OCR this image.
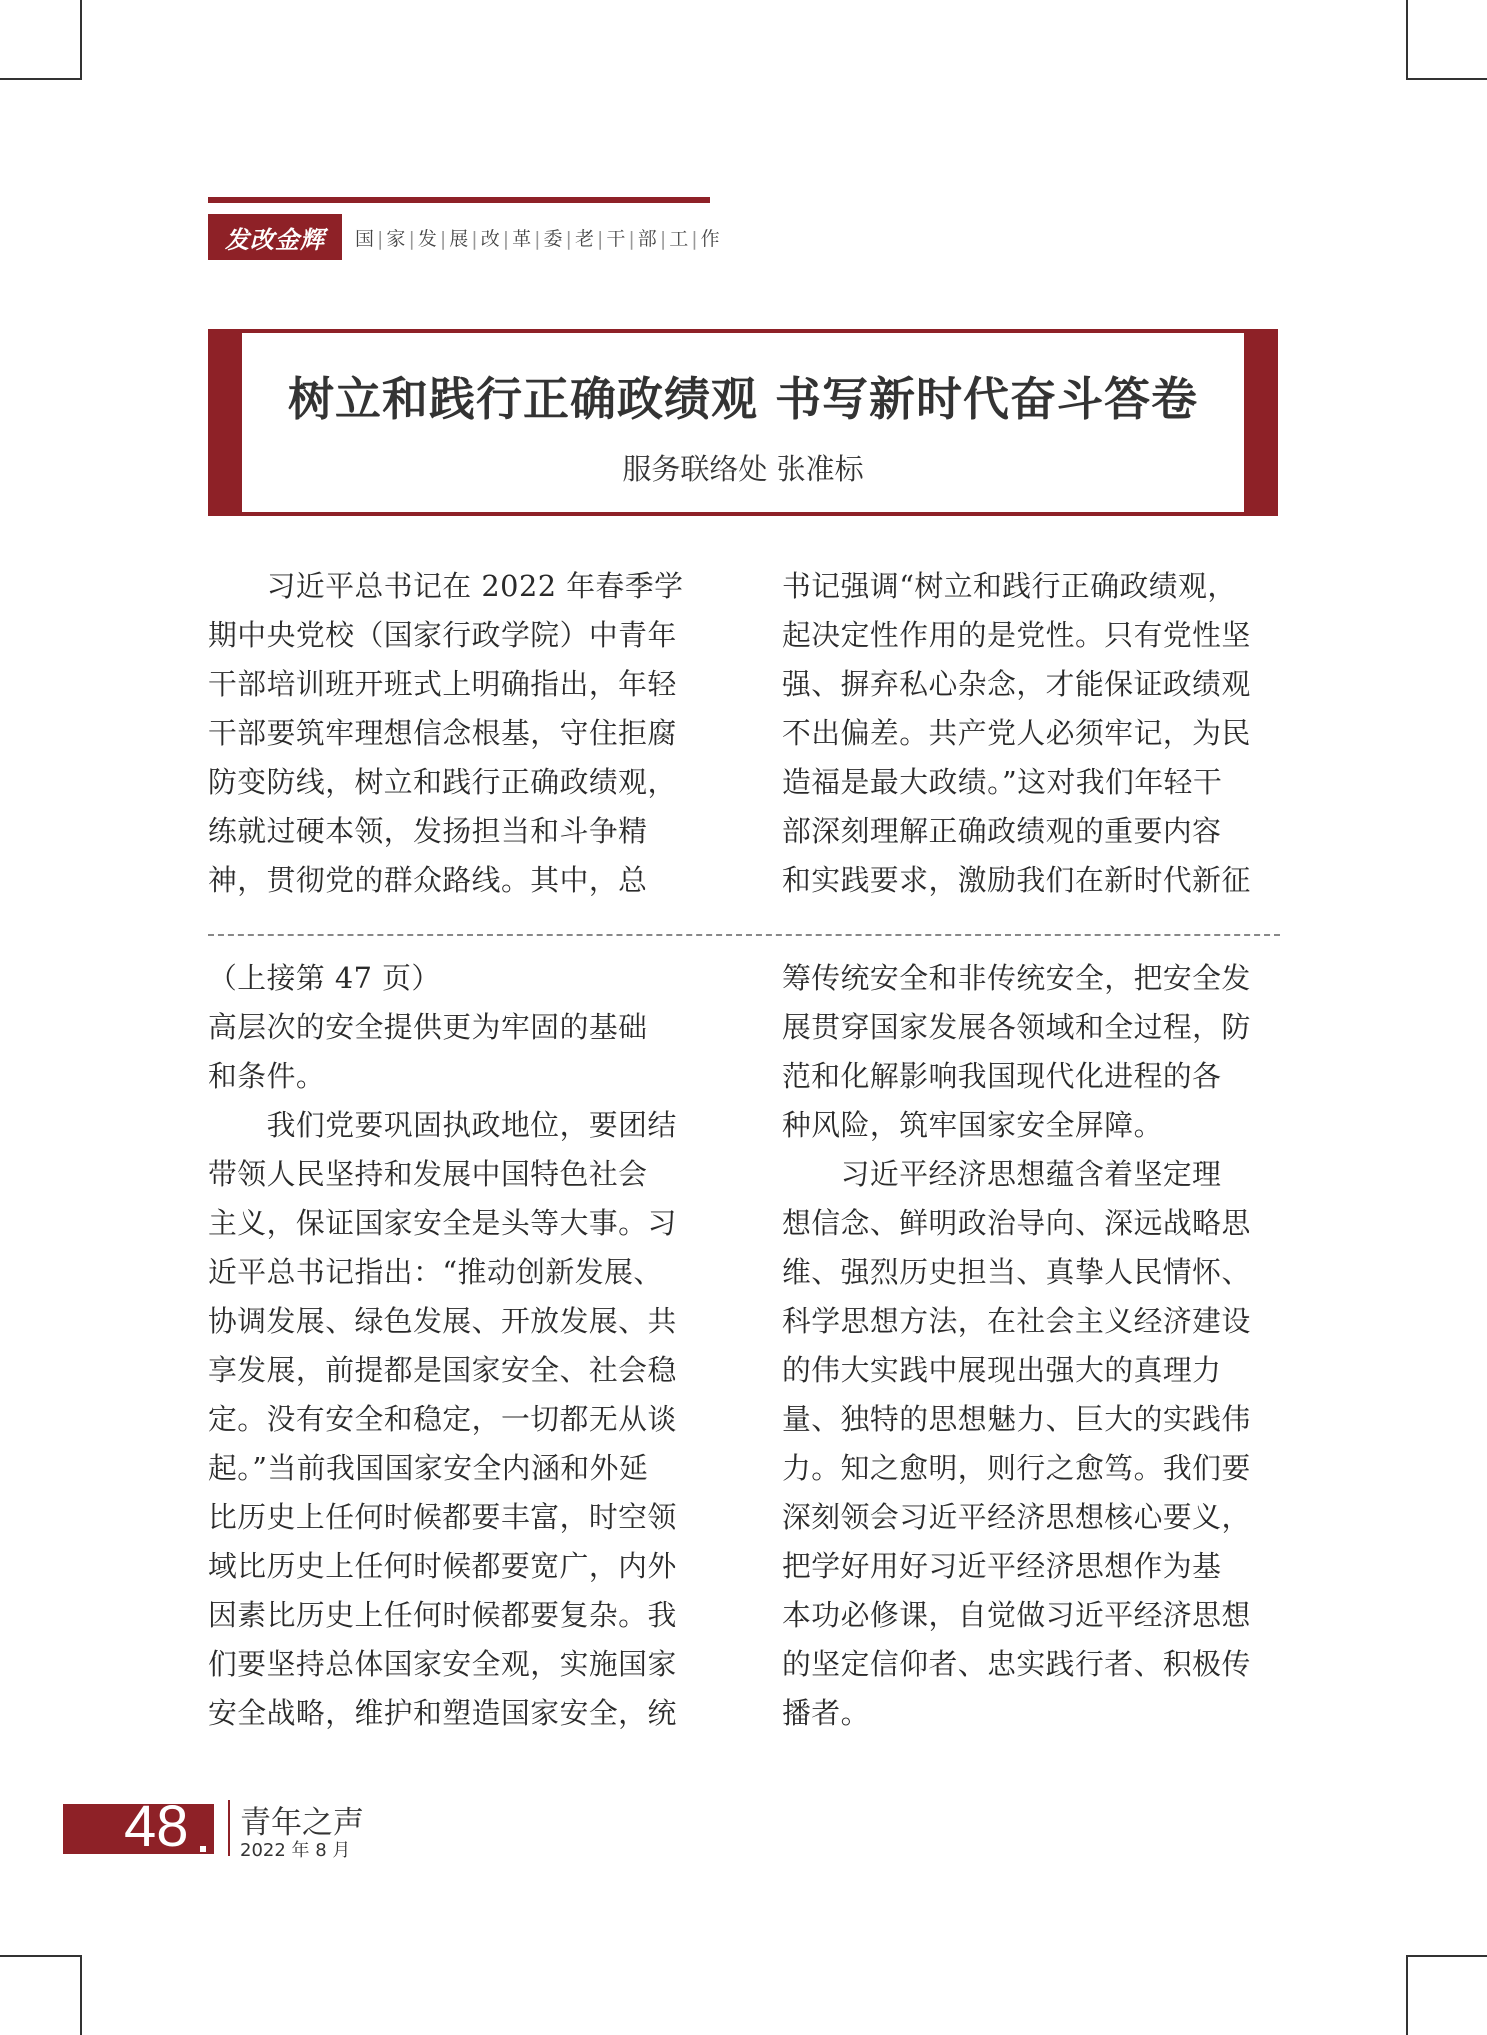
发改金辉	国 | 家 | 发 | 展 | 改 | 革 | 委 | 老 | 干 | 部 | 工 | 作
树立和践行正确政绩观 书写新时代奋斗答卷
服务联络处 张准标

　　习近平总书记在 2022 年春季学

期中央党校（国家行政学院）中青年

干部培训班开班式上明确指出，年轻

干部要筑牢理想信念根基，守住拒腐

防变防线，树立和践行正确政绩观，

练就过硬本领，发扬担当和斗争精

神，贯彻党的群众路线。其中，总

书记强调“树立和践行正确政绩观，

起决定性作用的是党性。只有党性坚

强、摒弃私心杂念，才能保证政绩观

不出偏差。共产党人必须牢记，为民

造福是最大政绩。”这对我们年轻干

部深刻理解正确政绩观的重要内容

和实践要求，激励我们在新时代新征

（上接第 47 页）

高层次的安全提供更为牢固的基础

和条件。

　　我们党要巩固执政地位，要团结

带领人民坚持和发展中国特色社会

主义，保证国家安全是头等大事。习

近平总书记指出：“推动创新发展、

协调发展、绿色发展、开放发展、共

享发展，前提都是国家安全、社会稳

定。没有安全和稳定，一切都无从谈

起。”当前我国国家安全内涵和外延

比历史上任何时候都要丰富，时空领

域比历史上任何时候都要宽广，内外

因素比历史上任何时候都要复杂。我

们要坚持总体国家安全观，实施国家

安全战略，维护和塑造国家安全，统

筹传统安全和非传统安全，把安全发

展贯穿国家发展各领域和全过程，防

范和化解影响我国现代化进程的各

种风险，筑牢国家安全屏障。

　　习近平经济思想蕴含着坚定理

想信念、鲜明政治导向、深远战略思

维、强烈历史担当、真挚人民情怀、

科学思想方法，在社会主义经济建设

的伟大实践中展现出强大的真理力

量、独特的思想魅力、巨大的实践伟

力。知之愈明，则行之愈笃。我们要

深刻领会习近平经济思想核心要义，

把学好用好习近平经济思想作为基

本功必修课，自觉做习近平经济思想

的坚定信仰者、忠实践行者、积极传

播者。

48 青年之声
2022 年 8 月
